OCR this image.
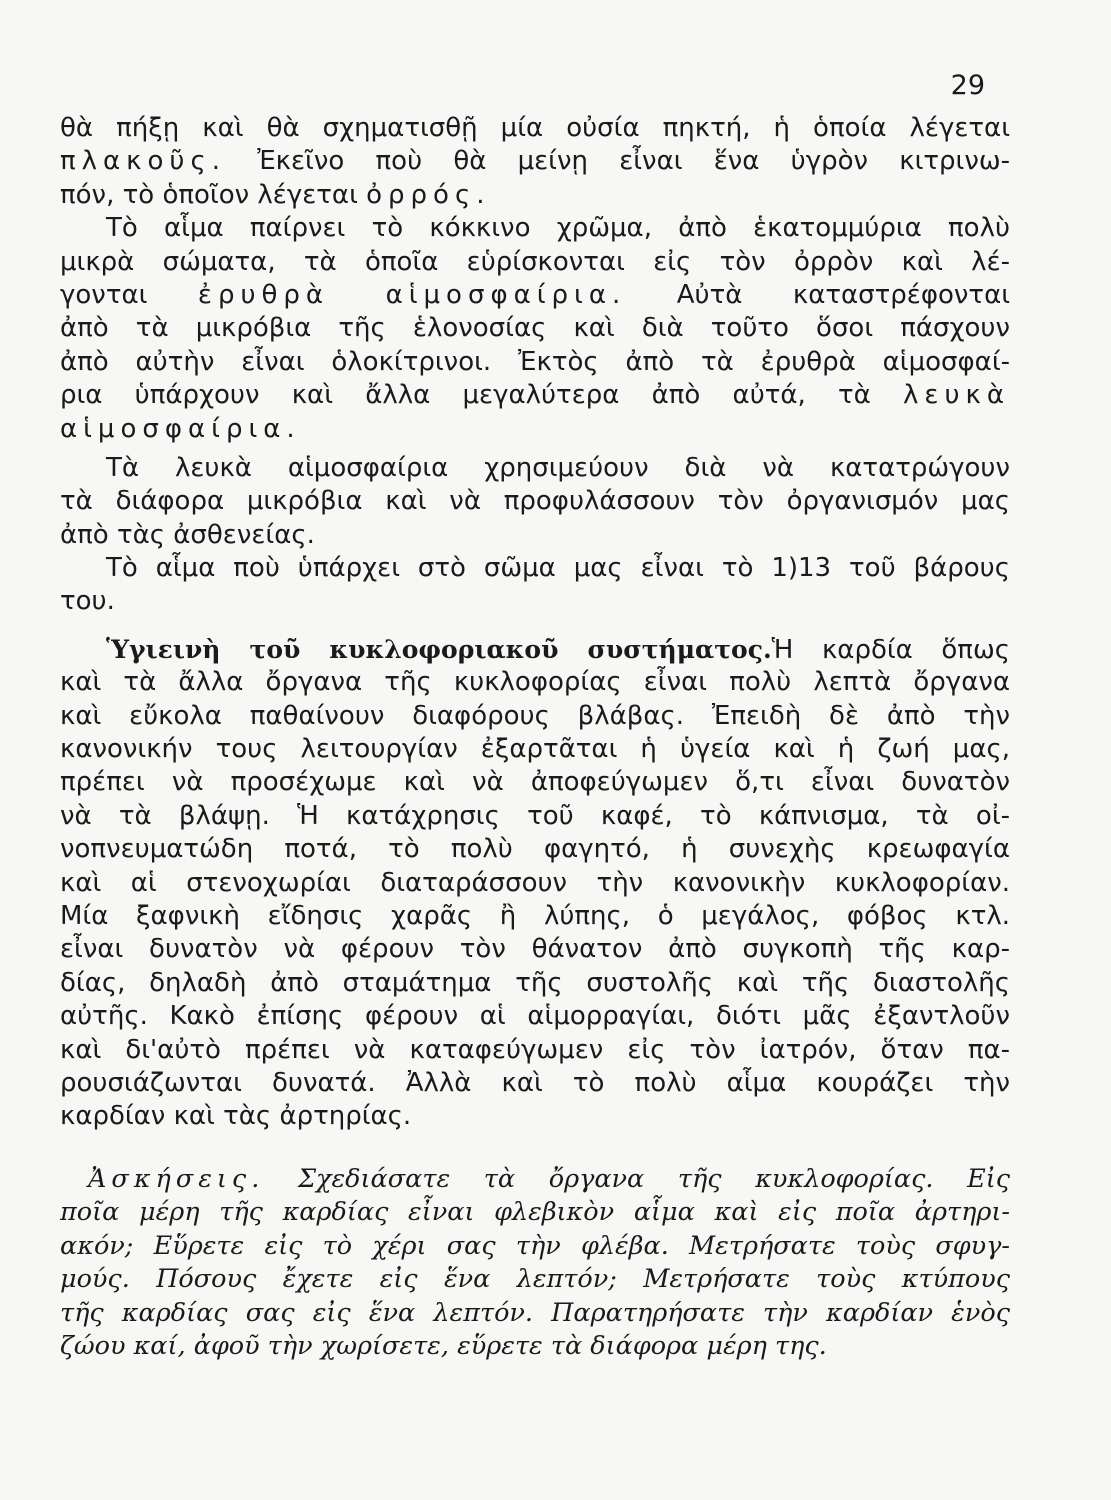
29
θὰ πήξῃ καὶ θὰ σχηματισθῇ μία οὐσία πηκτή, ἡ ὁποία λέγεται
πλακοῦς. Ἐκεῖνο ποὺ θὰ μείνῃ εἶναι ἕνα ὑγρὸν κιτρινω-
πόν, τὸ ὁποῖον λέγεται ὀρρός.
Τὸ αἷμα παίρνει τὸ κόκκινο χρῶμα, ἀπὸ ἑκατομμύρια πολὺ
μικρὰ σώματα, τὰ ὁποῖα εὑρίσκονται εἰς τὸν ὀρρὸν καὶ λέ-
γονται ἐρυθρὰ αἱμοσφαίρια. Αὐτὰ καταστρέφονται
ἀπὸ τὰ μικρόβια τῆς ἑλονοσίας καὶ διὰ τοῦτο ὅσοι πάσχουν
ἀπὸ αὐτὴν εἶναι ὁλοκίτρινοι. Ἐκτὸς ἀπὸ τὰ ἐρυθρὰ αἱμοσφαί-
ρια ὑπάρχουν καὶ ἄλλα μεγαλύτερα ἀπὸ αὐτά, τὰ λευκὰ
αἱμοσφαίρια.
Τὰ λευκὰ αἱμοσφαίρια χρησιμεύουν διὰ νὰ κατατρώγουν
τὰ διάφορα μικρόβια καὶ νὰ προφυλάσσουν τὸν ὀργανισμόν μας
ἀπὸ τὰς ἀσθενείας.
Τὸ αἷμα ποὺ ὑπάρχει στὸ σῶμα μας εἶναι τὸ 1)13 τοῦ βάρους
του.
Ὑγιεινὴ τοῦ κυκλοφοριακοῦ συστήματος.Ἡ καρδία ὅπως
καὶ τὰ ἄλλα ὄργανα τῆς κυκλοφορίας εἶναι πολὺ λεπτὰ ὄργανα
καὶ εὔκολα παθαίνουν διαφόρους βλάβας. Ἐπειδὴ δὲ ἀπὸ τὴν
κανονικήν τους λειτουργίαν ἐξαρτᾶται ἡ ὑγεία καὶ ἡ ζωή μας,
πρέπει νὰ προσέχωμε καὶ νὰ ἀποφεύγωμεν ὅ,τι εἶναι δυνατὸν
νὰ τὰ βλάψῃ. Ἡ κατάχρησις τοῦ καφέ, τὸ κάπνισμα, τὰ οἰ-
νοπνευματώδη ποτά, τὸ πολὺ φαγητό, ἡ συνεχὴς κρεωφαγία
καὶ αἱ στενοχωρίαι διαταράσσουν τὴν κανονικὴν κυκλοφορίαν.
Μία ξαφνικὴ εἴδησις χαρᾶς ἢ λύπης, ὁ μεγάλος, φόβος κτλ.
εἶναι δυνατὸν νὰ φέρουν τὸν θάνατον ἀπὸ συγκοπὴ τῆς καρ-
δίας, δηλαδὴ ἀπὸ σταμάτημα τῆς συστολῆς καὶ τῆς διαστολῆς
αὐτῆς. Κακὸ ἐπίσης φέρουν αἱ αἱμορραγίαι, διότι μᾶς ἐξαντλοῦν
καὶ δι'αὐτὸ πρέπει νὰ καταφεύγωμεν εἰς τὸν ἰατρόν, ὅταν πα-
ρουσιάζωνται δυνατά. Ἀλλὰ καὶ τὸ πολὺ αἷμα κουράζει τὴν
καρδίαν καὶ τὰς ἀρτηρίας.
Ἀσκήσεις. Σχεδιάσατε τὰ ὄργανα τῆς κυκλοφορίας. Εἰς
ποῖα μέρη τῆς καρδίας εἶναι φλεβικὸν αἷμα καὶ εἰς ποῖα ἀρτηρι-
ακόν; Εὕρετε εἰς τὸ χέρι σας τὴν φλέβα. Μετρήσατε τοὺς σφυγ-
μούς. Πόσους ἔχετε εἰς ἕνα λεπτόν; Μετρήσατε τοὺς κτύπους
τῆς καρδίας σας εἰς ἕνα λεπτόν. Παρατηρήσατε τὴν καρδίαν ἑνὸς
ζώου καί, ἀφοῦ τὴν χωρίσετε, εὕρετε τὰ διάφορα μέρη της.
